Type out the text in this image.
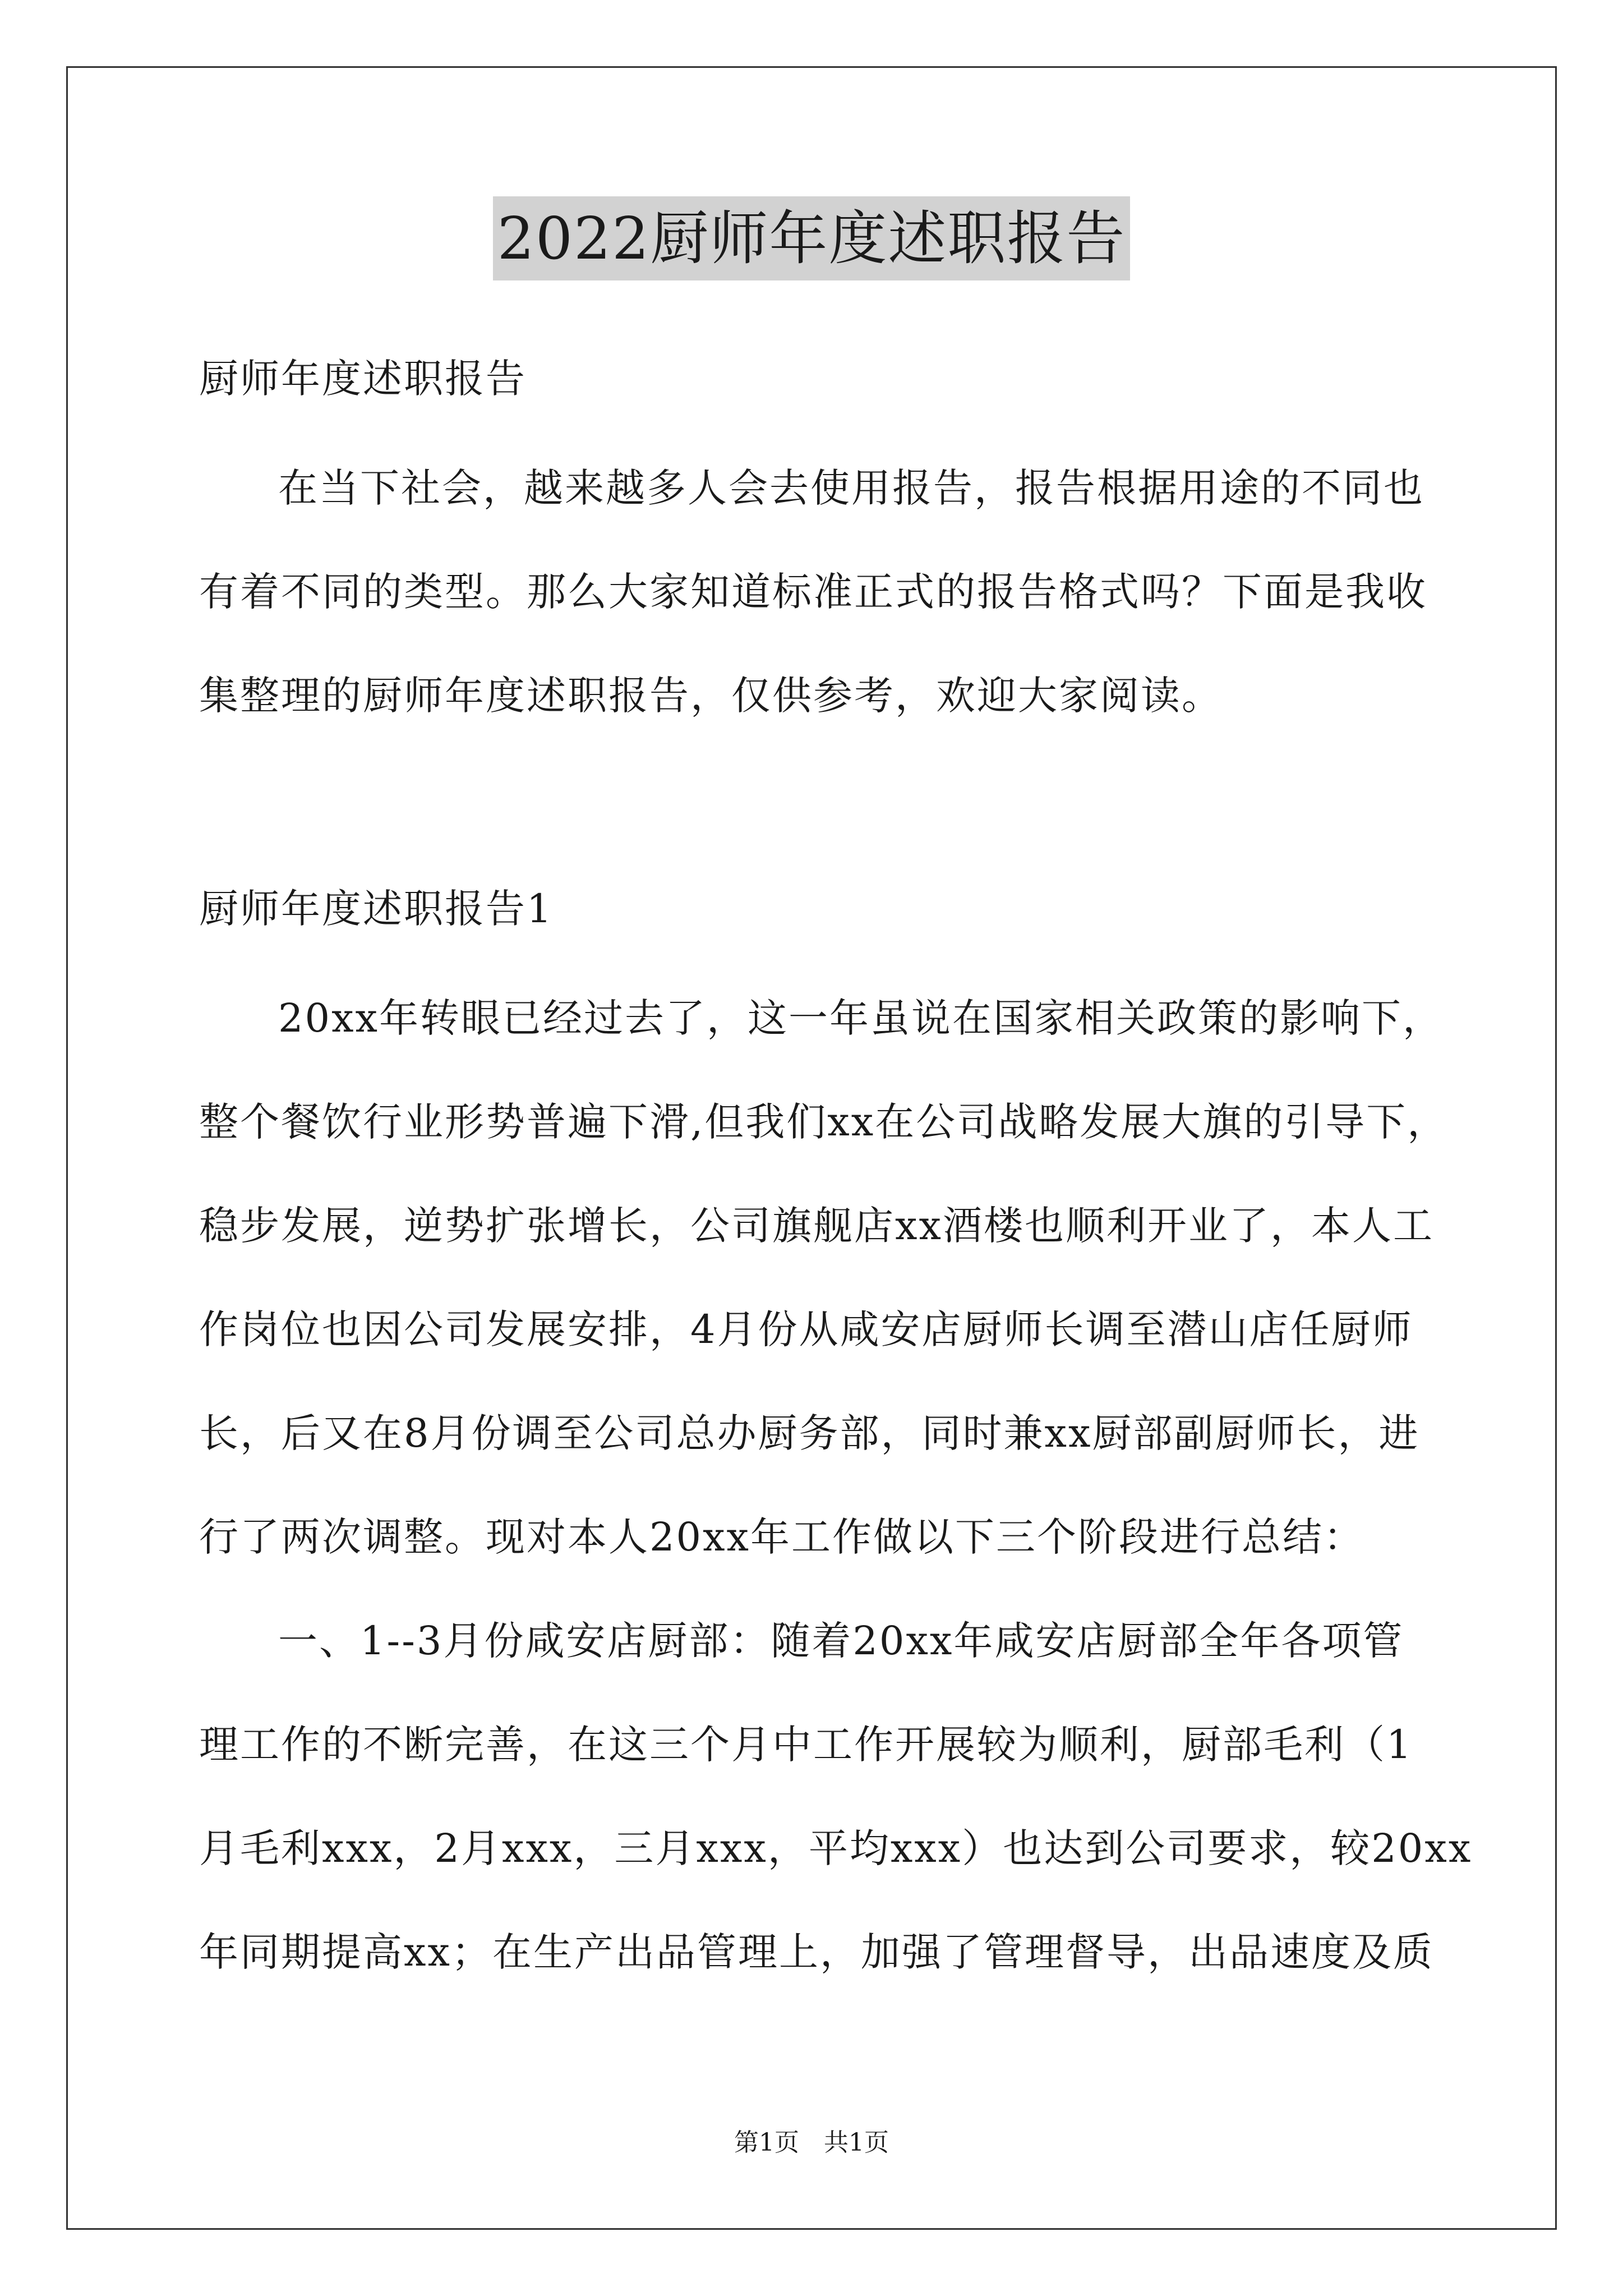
2022厨师年度述职报告
厨师年度述职报告
在当下社会，越来越多人会去使用报告，报告根据用途的不同也
有着不同的类型。那么大家知道标准正式的报告格式吗？下面是我收
集整理的厨师年度述职报告，仅供参考，欢迎大家阅读。
厨师年度述职报告1
20xx年转眼已经过去了，这一年虽说在国家相关政策的影响下，
整个餐饮行业形势普遍下滑,但我们xx在公司战略发展大旗的引导下，
稳步发展，逆势扩张增长，公司旗舰店xx酒楼也顺利开业了，本人工
作岗位也因公司发展安排，4月份从咸安店厨师长调至潜山店任厨师
长，后又在8月份调至公司总办厨务部，同时兼xx厨部副厨师长，进
行了两次调整。现对本人20xx年工作做以下三个阶段进行总结：
一、1--3月份咸安店厨部：随着20xx年咸安店厨部全年各项管
理工作的不断完善，在这三个月中工作开展较为顺利，厨部毛利（1
月毛利xxx，2月xxx，三月xxx，平均xxx）也达到公司要求，较20xx
年同期提高xx；在生产出品管理上，加强了管理督导，出品速度及质
第1页　共1页
